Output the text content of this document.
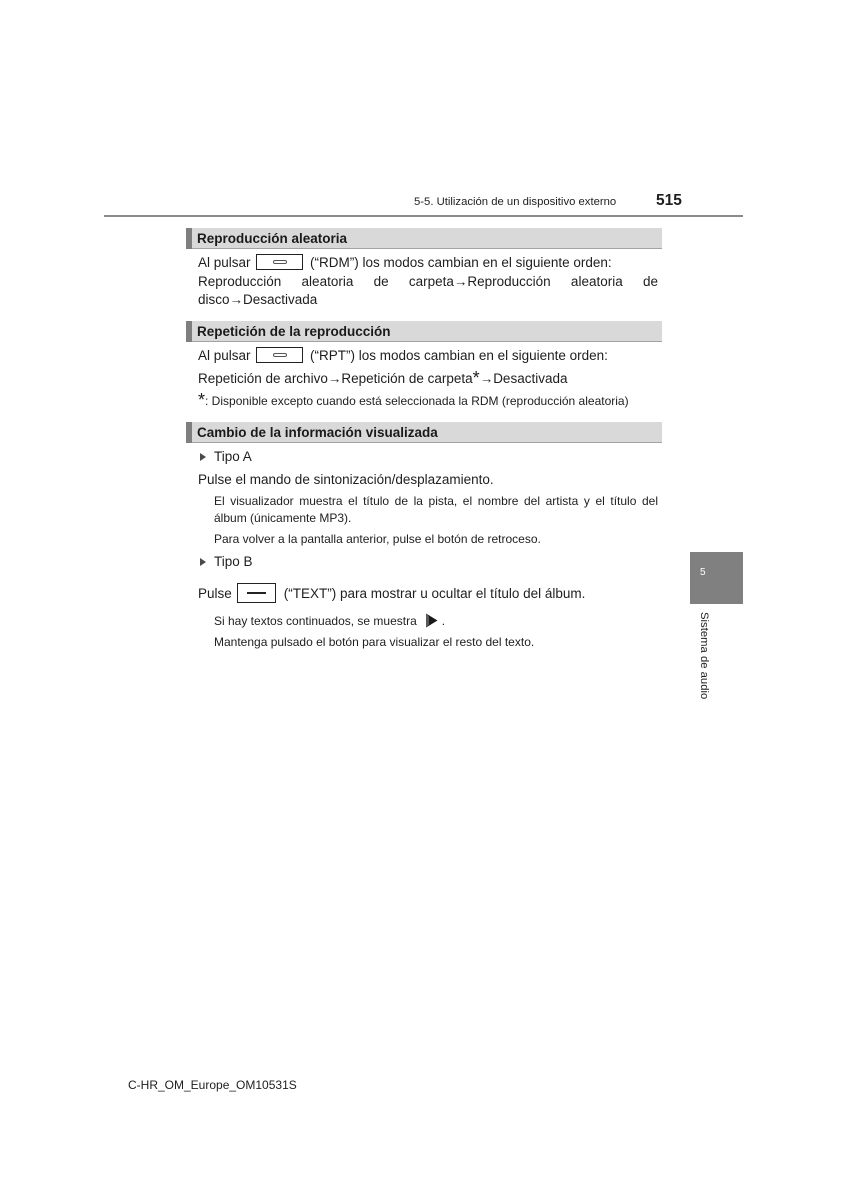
5-5. Utilización de un dispositivo externo	515
Reproducción aleatoria
Al pulsar	(“RDM”) los modos cambian en el siguiente orden:
Reproducción aleatoria de carpeta→Reproducción aleatoria de disco→Desactivada
Repetición de la reproducción
Al pulsar	(“RPT”) los modos cambian en el siguiente orden:
Repetición de archivo→Repetición de carpeta*→Desactivada
*: Disponible excepto cuando está seleccionada la RDM (reproducción aleatoria)
Cambio de la información visualizada
Tipo A
Pulse el mando de sintonización/desplazamiento.
El visualizador muestra el título de la pista, el nombre del artista y el título del álbum (únicamente MP3).
Para volver a la pantalla anterior, pulse el botón de retroceso.
Tipo B
Pulse	(“TEXT”) para mostrar u ocultar el título del álbum.
Si hay textos continuados, se muestra .
Mantenga pulsado el botón para visualizar el resto del texto.
5
Sistema de audio
C-HR_OM_Europe_OM10531S
